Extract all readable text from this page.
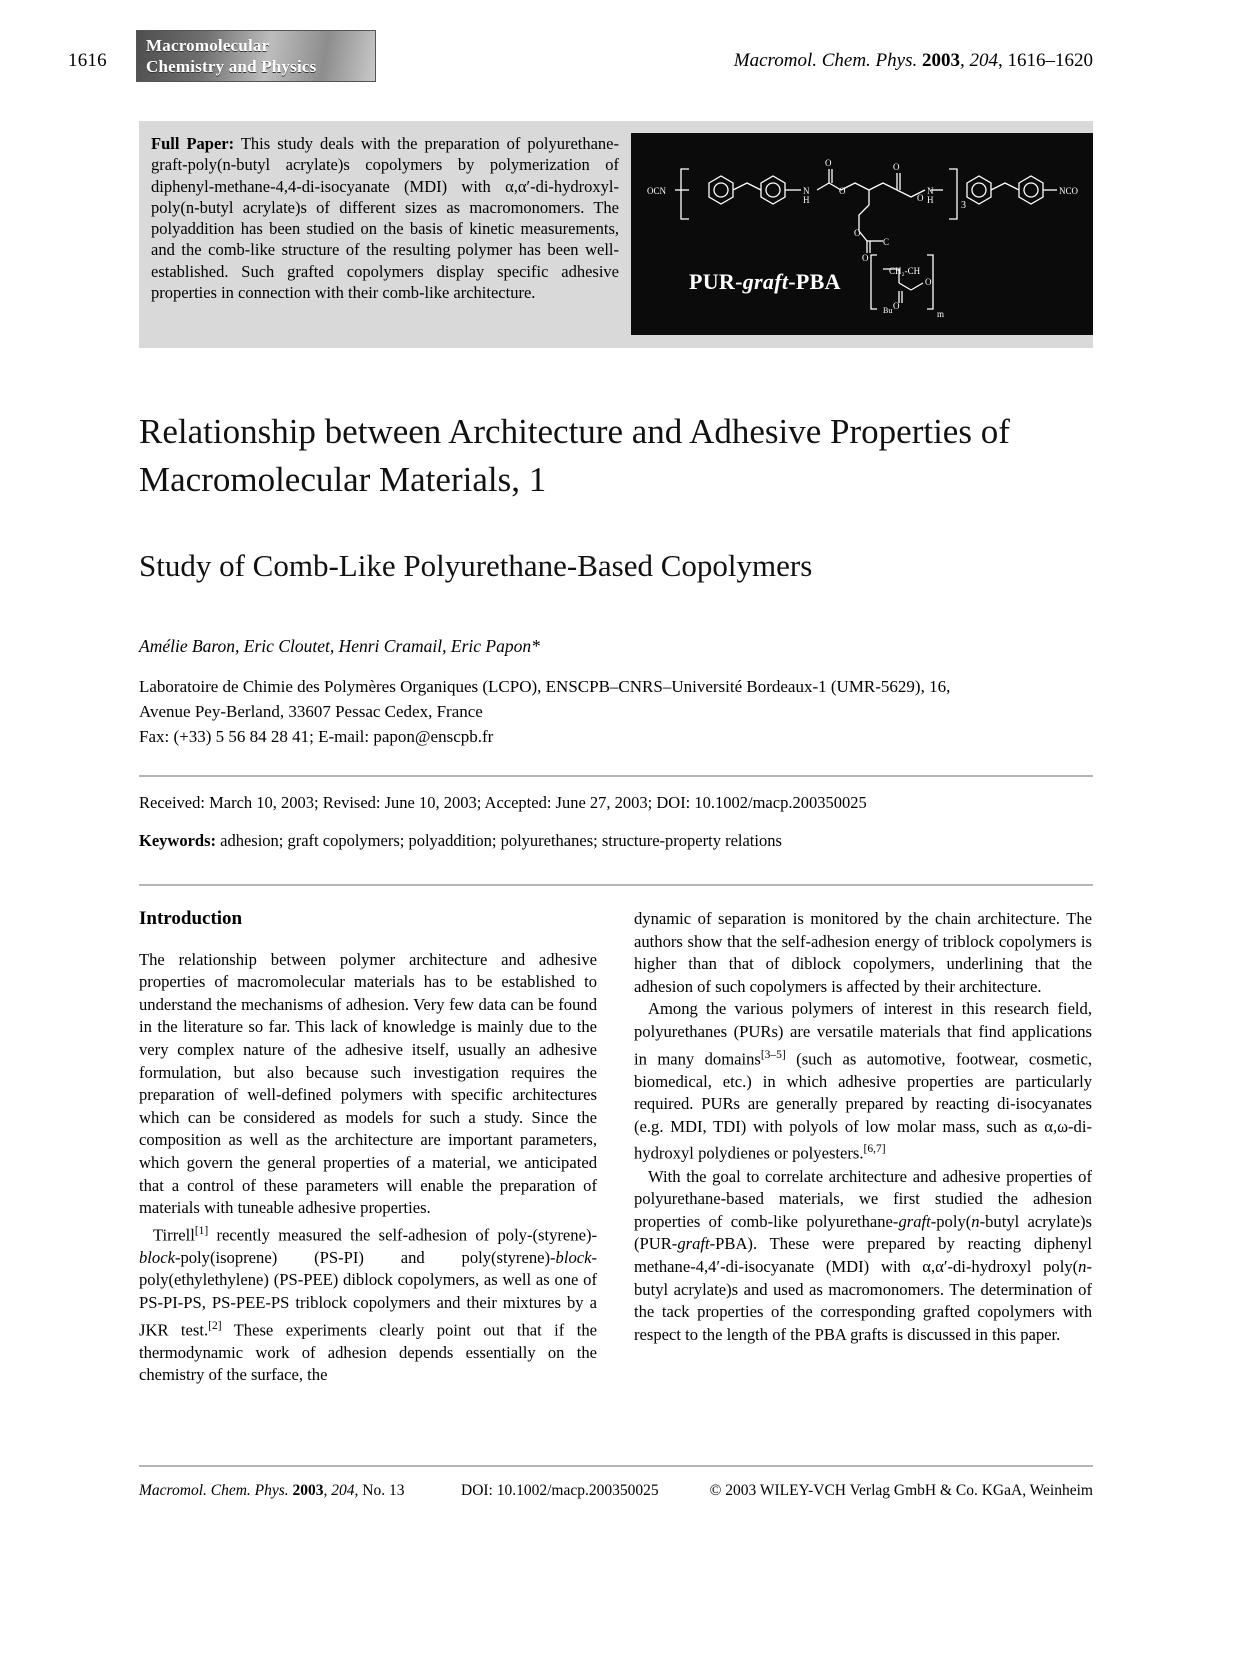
1616
Macromolecular
Chemistry and Physics	Macromol. Chem. Phys. 2003, 204, 1616–1620
Full Paper: This study deals with the preparation of polyurethane-graft-poly(n-butyl acrylate)s copolymers by polymerization of diphenyl-methane-4,4-di-isocyanate (MDI) with α,α′-di-hydroxyl-poly(n-butyl acrylate)s of different sizes as macromonomers. The polyaddition has been studied on the basis of kinetic measurements, and the comb-like structure of the resulting polymer has been well-established. Such grafted copolymers display specific adhesive properties in connection with their comb-like architecture.
OCN	NCO
N
H
N
H
O	O
O
O
O
O
C
3
CH₂-CH
O
O
Bu	m
PUR-graft-PBA
Relationship between Architecture and Adhesive Properties of Macromolecular Materials, 1
Study of Comb-Like Polyurethane-Based Copolymers
Amélie Baron, Eric Cloutet, Henri Cramail, Eric Papon*
Laboratoire de Chimie des Polymères Organiques (LCPO), ENSCPB–CNRS–Université Bordeaux-1 (UMR-5629), 16,
Avenue Pey-Berland, 33607 Pessac Cedex, France
Fax: (+33) 5 56 84 28 41; E-mail: papon@enscpb.fr
Received: March 10, 2003; Revised: June 10, 2003; Accepted: June 27, 2003; DOI: 10.1002/macp.200350025
Keywords: adhesion; graft copolymers; polyaddition; polyurethanes; structure-property relations
Introduction

The relationship between polymer architecture and adhesive properties of macromolecular materials has to be established to understand the mechanisms of adhesion. Very few data can be found in the literature so far. This lack of knowledge is mainly due to the very complex nature of the adhesive itself, usually an adhesive formulation, but also because such investigation requires the preparation of well-defined polymers with specific architectures which can be considered as models for such a study. Since the composition as well as the architecture are important parameters, which govern the general properties of a material, we anticipated that a control of these parameters will enable the preparation of materials with tuneable adhesive properties.

Tirrell[1] recently measured the self-adhesion of poly-(styrene)-block-poly(isoprene) (PS-PI) and poly(styrene)-block-poly(ethylethylene) (PS-PEE) diblock copolymers, as well as one of PS-PI-PS, PS-PEE-PS triblock copolymers and their mixtures by a JKR test.[2] These experiments clearly point out that if the thermodynamic work of adhesion depends essentially on the chemistry of the surface, the

dynamic of separation is monitored by the chain architecture. The authors show that the self-adhesion energy of triblock copolymers is higher than that of diblock copolymers, underlining that the adhesion of such copolymers is affected by their architecture.

Among the various polymers of interest in this research field, polyurethanes (PURs) are versatile materials that find applications in many domains[3–5] (such as automotive, footwear, cosmetic, biomedical, etc.) in which adhesive properties are particularly required. PURs are generally prepared by reacting di-isocyanates (e.g. MDI, TDI) with polyols of low molar mass, such as α,ω-di-hydroxyl polydienes or polyesters.[6,7]

With the goal to correlate architecture and adhesive properties of polyurethane-based materials, we first studied the adhesion properties of comb-like polyurethane-graft-poly(n-butyl acrylate)s (PUR-graft-PBA). These were prepared by reacting diphenyl methane-4,4′-di-isocyanate (MDI) with α,α′-di-hydroxyl poly(n-butyl acrylate)s and used as macromonomers. The determination of the tack properties of the corresponding grafted copolymers with respect to the length of the PBA grafts is discussed in this paper.

Macromol. Chem. Phys. 2003, 204, No. 13	DOI: 10.1002/macp.200350025	© 2003 WILEY-VCH Verlag GmbH & Co. KGaA, Weinheim
